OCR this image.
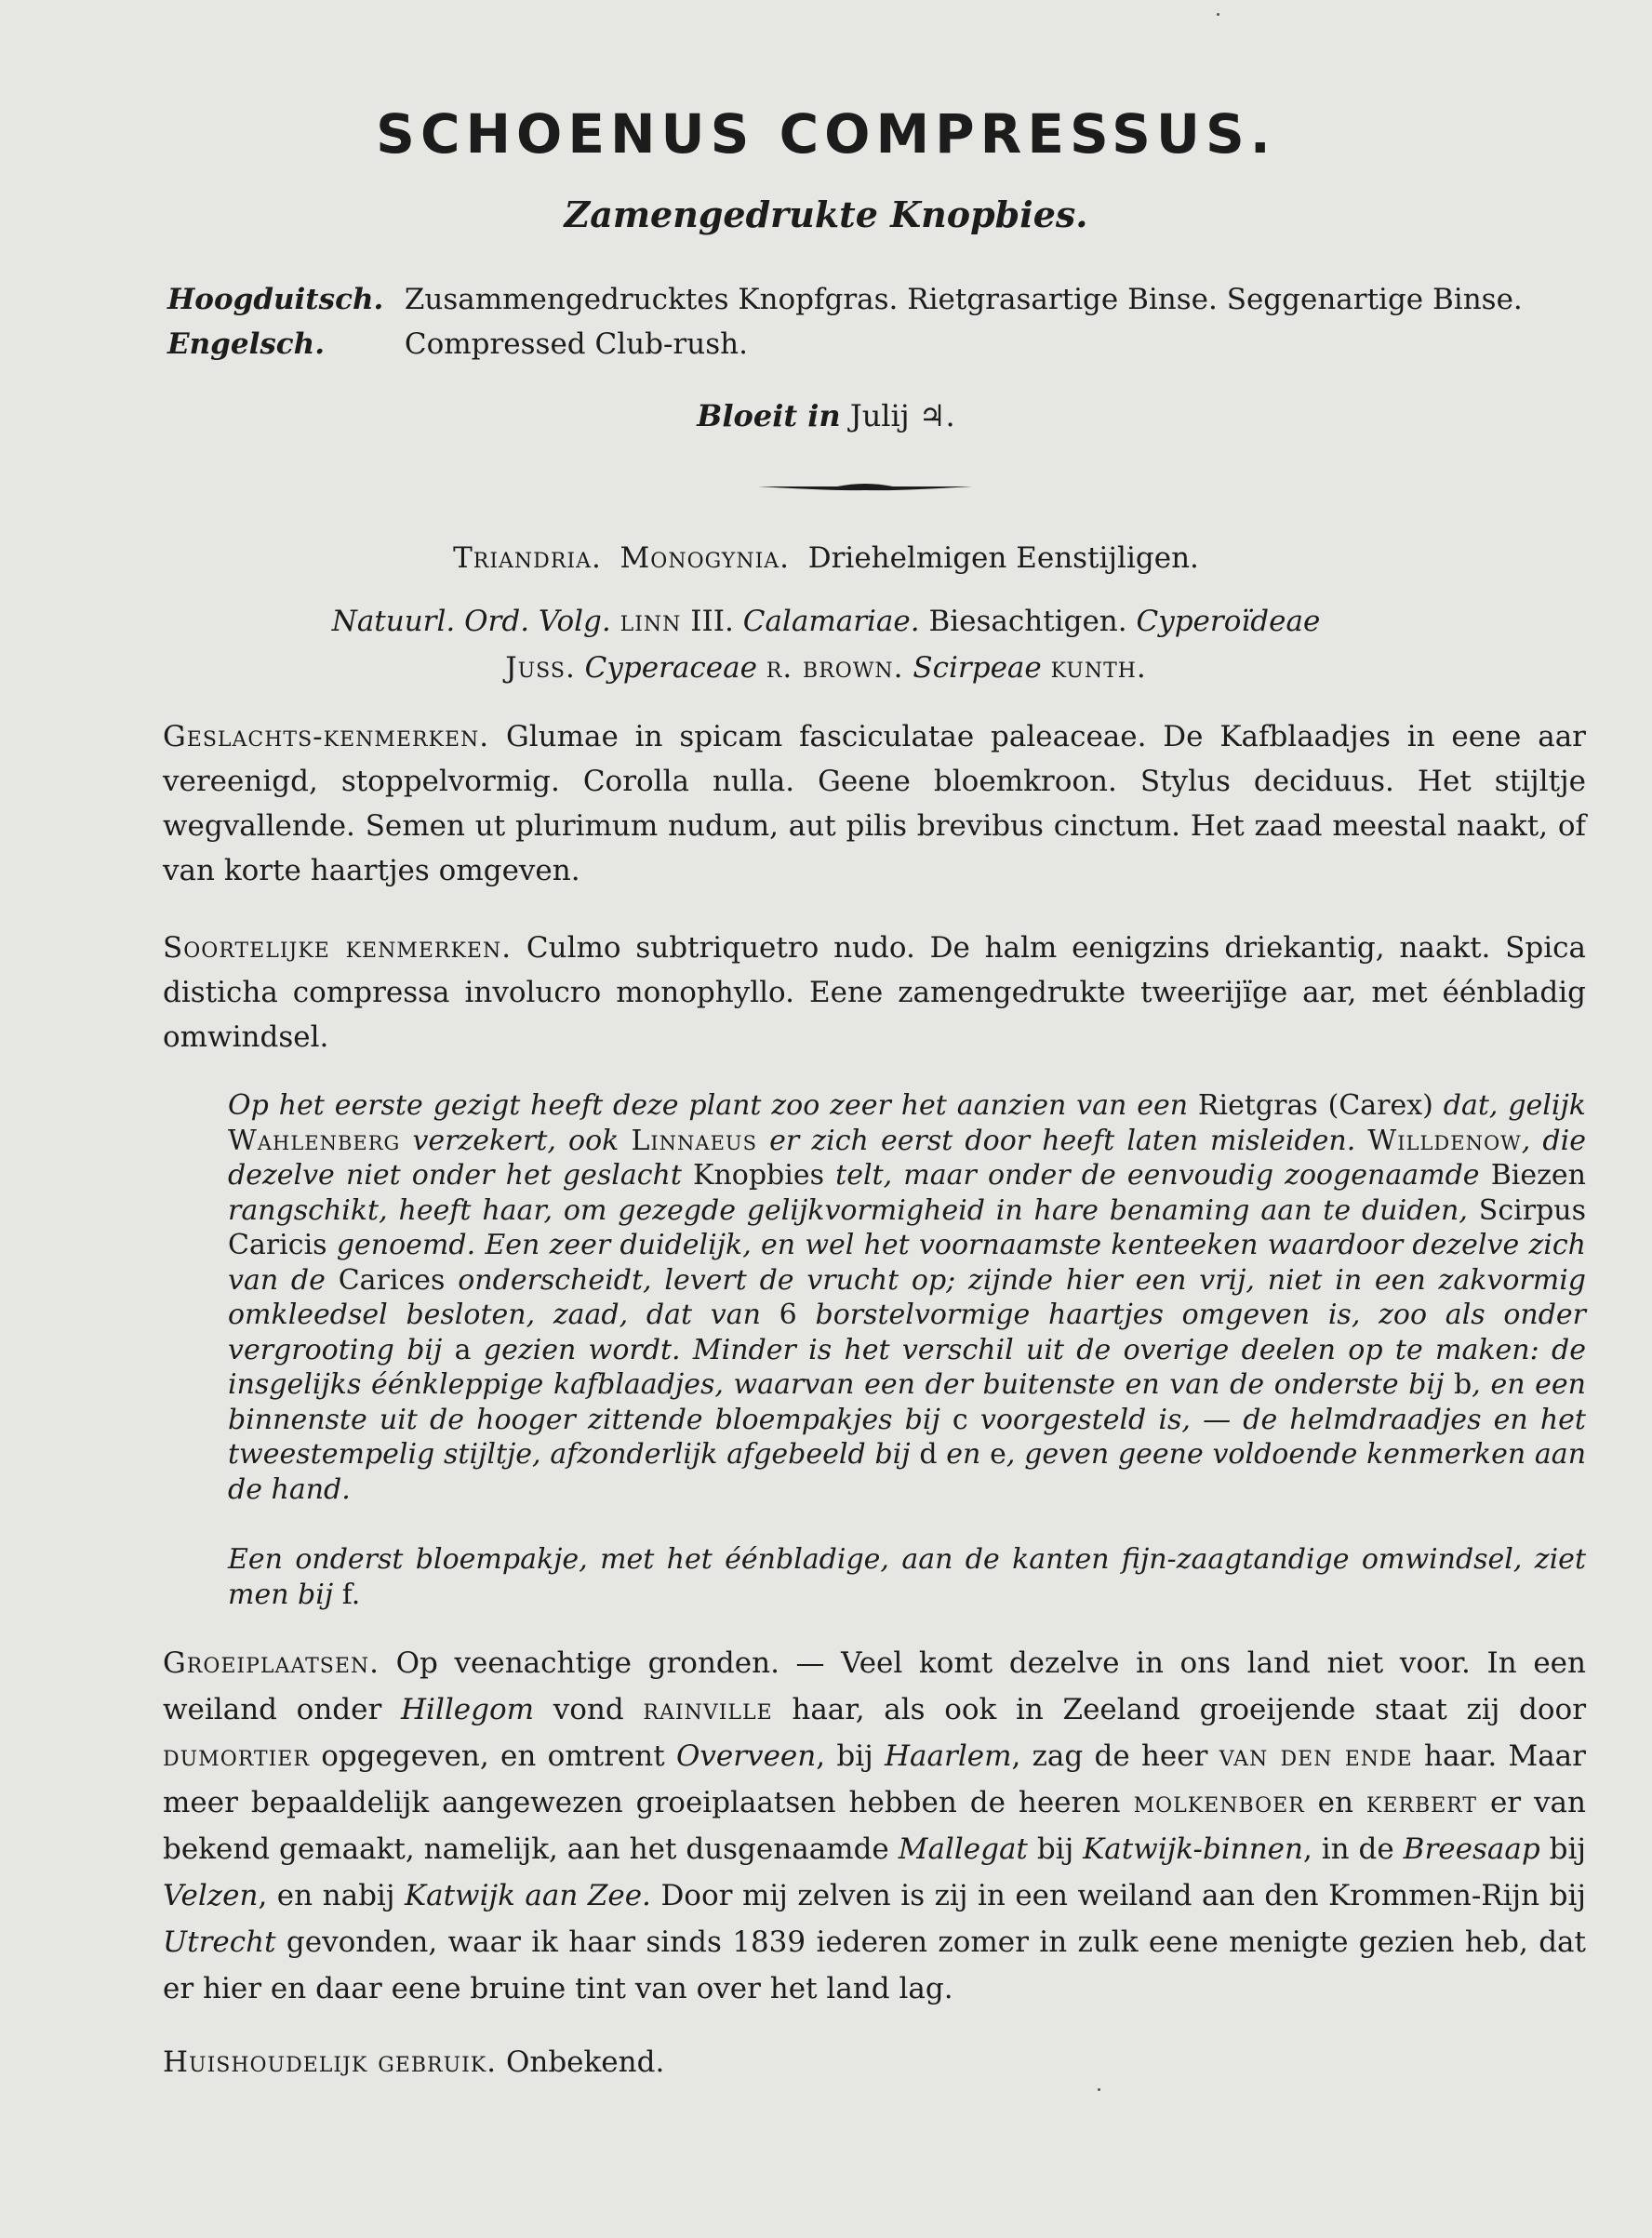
SCHOENUS COMPRESSUS.
Zamengedrukte Knopbies.
Hoogduitsch. Zusammengedrucktes Knopfgras. Rietgrasartige Binse. Seggenartige Binse.
Engelsch.	Compressed Club-rush.
Bloeit in Julij ♃.
Triandria. Monogynia. Driehelmigen Eenstijligen.
Natuurl. Ord. Volg. linn III. Calamariae. Biesachtigen. Cyperoïdeae
Juss. Cyperaceae r. brown. Scirpeae kunth.

Geslachts-kenmerken. Glumae in spicam fasciculatae paleaceae. De Kafblaadjes in eene aar vereenigd, stoppelvormig. Corolla nulla. Geene bloemkroon. Stylus deciduus. Het stijltje wegvallende. Semen ut plurimum nudum, aut pilis brevibus cinctum. Het zaad meestal naakt, of van korte haartjes omgeven.

Soortelijke kenmerken. Culmo subtriquetro nudo. De halm eenigzins driekantig, naakt. Spica disticha compressa involucro monophyllo. Eene zamengedrukte tweerijïge aar, met éénbladig omwindsel.

Op het eerste gezigt heeft deze plant zoo zeer het aanzien van een Rietgras (Carex) dat, gelijk Wahlenberg verzekert, ook Linnaeus er zich eerst door heeft laten misleiden. Willdenow, die dezelve niet onder het geslacht Knopbies telt, maar onder de eenvoudig zoogenaamde Biezen rangschikt, heeft haar, om gezegde gelijkvormigheid in hare benaming aan te duiden, Scirpus Caricis genoemd. Een zeer duidelijk, en wel het voornaamste kenteeken waardoor dezelve zich van de Carices onderscheidt, levert de vrucht op; zijnde hier een vrij, niet in een zakvormig omkleedsel besloten, zaad, dat van 6 borstelvormige haartjes omgeven is, zoo als onder vergrooting bij a gezien wordt. Minder is het verschil uit de overige deelen op te maken: de insgelijks éénkleppige kafblaadjes, waarvan een der buitenste en van de onderste bij b, en een binnenste uit de hooger zittende bloempakjes bij c voorgesteld is, — de helmdraadjes en het tweestempelig stijltje, afzonderlijk afgebeeld bij d en e, geven geene voldoende kenmerken aan de hand.

Een onderst bloempakje, met het éénbladige, aan de kanten fijn-zaagtandige omwindsel, ziet men bij f.

Groeiplaatsen. Op veenachtige gronden. — Veel komt dezelve in ons land niet voor. In een weiland onder Hillegom vond rainville haar, als ook in Zeeland groeijende staat zij door dumortier opgegeven, en omtrent Overveen, bij Haarlem, zag de heer van den ende haar. Maar meer bepaaldelijk aangewezen groeiplaatsen hebben de heeren molkenboer en kerbert er van bekend gemaakt, namelijk, aan het dusgenaamde Mallegat bij Katwijk-binnen, in de Breesaap bij Velzen, en nabij Katwijk aan Zee. Door mij zelven is zij in een weiland aan den Krommen-Rijn bij Utrecht gevonden, waar ik haar sinds 1839 iederen zomer in zulk eene menigte gezien heb, dat er hier en daar eene bruine tint van over het land lag.

Huishoudelijk gebruik. Onbekend.
